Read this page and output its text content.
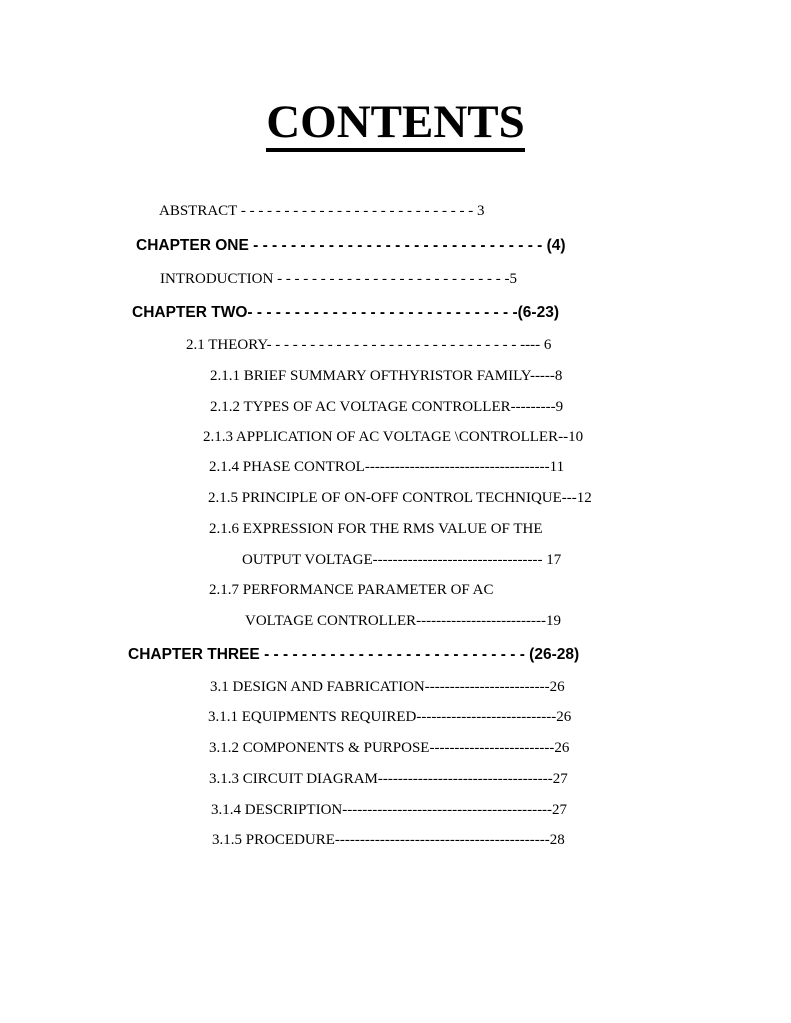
CONTENTS
ABSTRACT - - - - - - - - - - - - - - - - - - - - - - - - - - - 3
CHAPTER ONE - - - - - - - - - - - - - - - - - - - - - - - - - - - - - - - (4)
INTRODUCTION - - - - - - - - - - - - - - - - - - - - - - - - - - -5
CHAPTER TWO- - - - - - - - - - - - - - - - - - - - - - - - - - - - -(6-23)
2.1 THEORY- - - - - - - - - - - - - - - - - - - - - - - - - - - - - ---- 6
2.1.1 BRIEF SUMMARY OFTHYRISTOR FAMILY-----8
2.1.2 TYPES OF AC VOLTAGE CONTROLLER---------9
2.1.3 APPLICATION OF AC VOLTAGE \CONTROLLER--10
2.1.4 PHASE CONTROL-------------------------------------11
2.1.5 PRINCIPLE OF ON-OFF CONTROL TECHNIQUE---12
2.1.6 EXPRESSION FOR THE RMS VALUE OF THE
OUTPUT VOLTAGE---------------------------------- 17
2.1.7 PERFORMANCE PARAMETER OF AC
VOLTAGE CONTROLLER--------------------------19
CHAPTER THREE - - - - - - - - - - - - - - - - - - - - - - - - - - - - (26-28)
3.1 DESIGN AND FABRICATION-------------------------26
3.1.1 EQUIPMENTS REQUIRED----------------------------26
3.1.2 COMPONENTS & PURPOSE-------------------------26
3.1.3 CIRCUIT DIAGRAM-----------------------------------27
3.1.4 DESCRIPTION------------------------------------------27
3.1.5 PROCEDURE-------------------------------------------28
